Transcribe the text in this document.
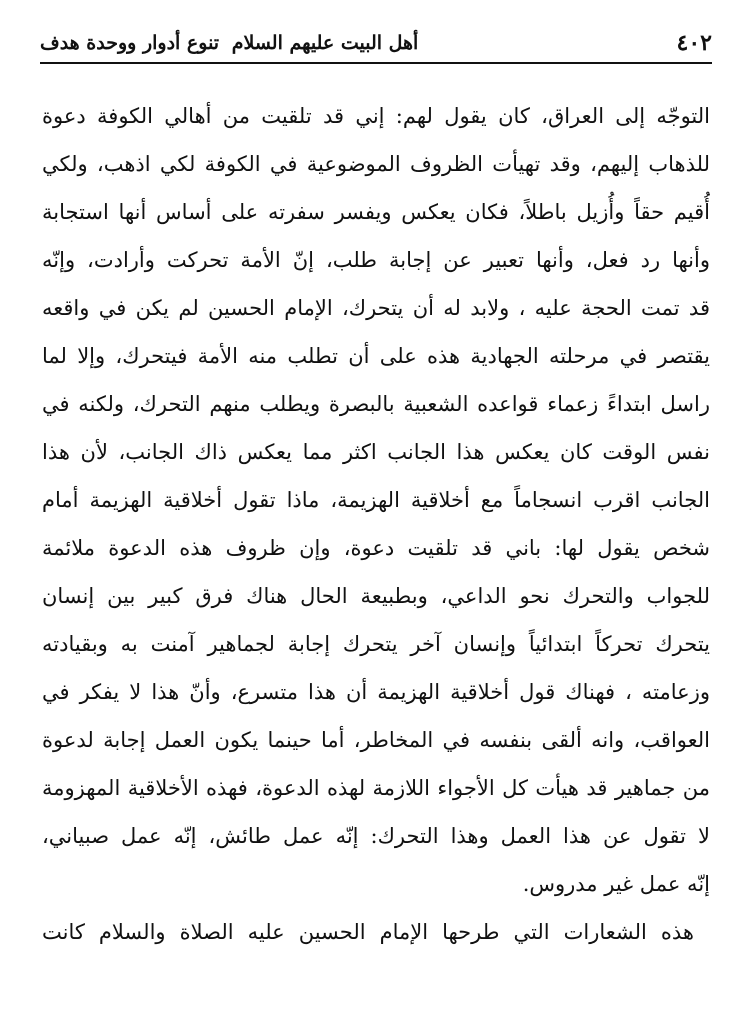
٤٠٢
أهل البيت عليهم السلام تنوع أدوار ووحدة هدف
التوجّه إلى العراق، كان يقول لهم: إني قد تلقيت من أهالي الكوفة دعوة
للذهاب إليهم، وقد تهيأت الظروف الموضوعية في الكوفة لكي اذهب، ولكي
أُقيم حقاً وأُزيل باطلاً، فكان يعكس ويفسر سفرته على أساس أنها استجابة
وأنها رد فعل، وأنها تعبير عن إجابة طلب، إنّ الأمة تحركت وأرادت، وإنّه
قد تمت الحجة عليه ، ولابد له أن يتحرك، الإمام الحسين لم يكن في واقعه
يقتصر في مرحلته الجهادية هذه على أن تطلب منه الأمة فيتحرك، وإلا لما
راسل ابتداءً زعماء قواعده الشعبية بالبصرة ويطلب منهم التحرك، ولكنه في
نفس الوقت كان يعكس هذا الجانب اكثر مما يعكس ذاك الجانب، لأن هذا
الجانب اقرب انسجاماً مع أخلاقية الهزيمة، ماذا تقول أخلاقية الهزيمة أمام
شخص يقول لها: باني قد تلقيت دعوة، وإن ظروف هذه الدعوة ملائمة
للجواب والتحرك نحو الداعي، وبطبيعة الحال هناك فرق كبير بين إنسان
يتحرك تحركاً ابتدائياً وإنسان آخر يتحرك إجابة لجماهير آمنت به وبقيادته
وزعامته ، فهناك قول أخلاقية الهزيمة أن هذا متسرع، وأنّ هذا لا يفكر في
العواقب، وانه ألقى بنفسه في المخاطر، أما حينما يكون العمل إجابة لدعوة
من جماهير قد هيأت كل الأجواء اللازمة لهذه الدعوة، فهذه الأخلاقية المهزومة
لا تقول عن هذا العمل وهذا التحرك: إنّه عمل طائش، إنّه عمل صبياني،
إنّه عمل غير مدروس.
هذه الشعارات التي طرحها الإمام الحسين عليه الصلاة والسلام كانت
